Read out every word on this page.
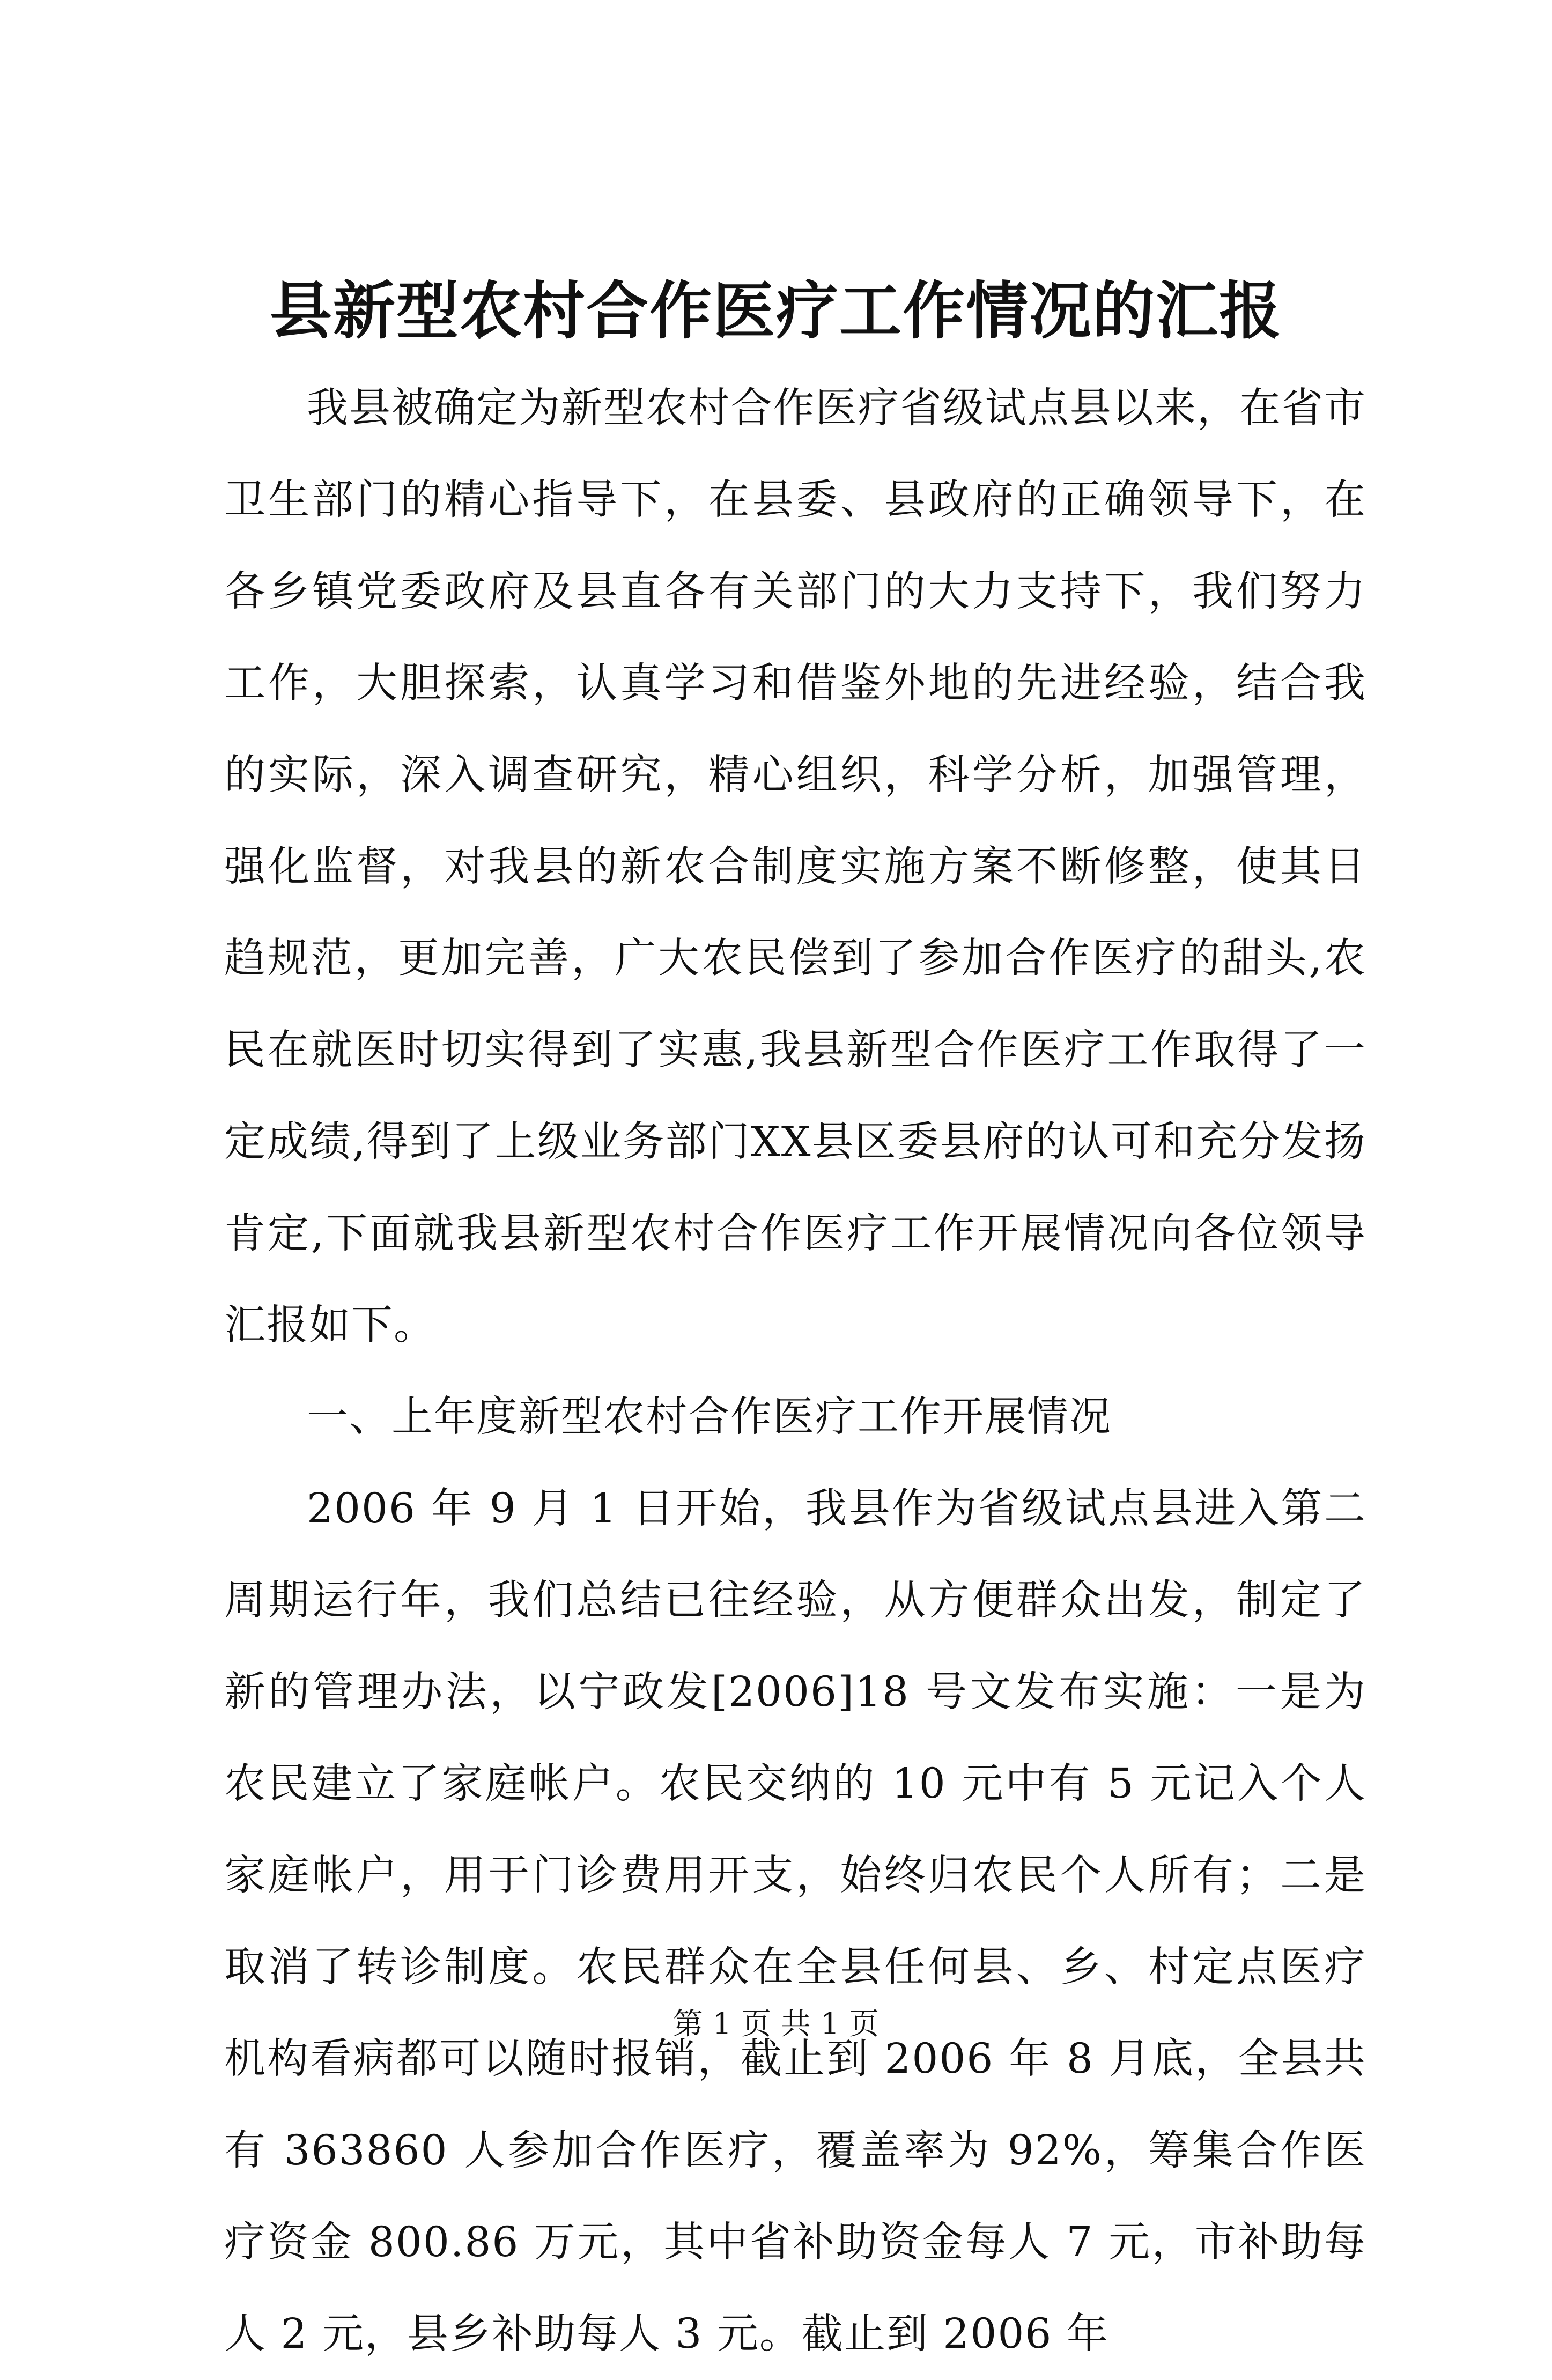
县新型农村合作医疗工作情况的汇报

我县被确定为新型农村合作医疗省级试点县以来，在省市卫生部门的精心指导下，在县委、县政府的正确领导下，在各乡镇党委政府及县直各有关部门的大力支持下，我们努力工作，大胆探索，认真学习和借鉴外地的先进经验，结合我的实际，深入调查研究，精心组织，科学分析，加强管理，强化监督，对我县的新农合制度实施方案不断修整，使其日趋规范，更加完善，广大农民偿到了参加合作医疗的甜头,农民在就医时切实得到了实惠,我县新型合作医疗工作取得了一定成绩,得到了上级业务部门XX县区委县府的认可和充分发扬肯定,下面就我县新型农村合作医疗工作开展情况向各位领导汇报如下。

一、上年度新型农村合作医疗工作开展情况

2006 年 9 月 1 日开始，我县作为省级试点县进入第二周期运行年，我们总结已往经验，从方便群众出发，制定了新的管理办法，以宁政发[2006]18 号文发布实施：一是为农民建立了家庭帐户。农民交纳的 10 元中有 5 元记入个人家庭帐户，用于门诊费用开支，始终归农民个人所有；二是取消了转诊制度。农民群众在全县任何县、乡、村定点医疗机构看病都可以随时报销，截止到 2006 年 8 月底，全县共有 363860 人参加合作医疗，覆盖率为 92%，筹集合作医疗资金 800.86 万元，其中省补助资金每人 7 元，市补助每人 2 元，县乡补助每人 3 元。截止到 2006 年

第 1 页 共 1 页
